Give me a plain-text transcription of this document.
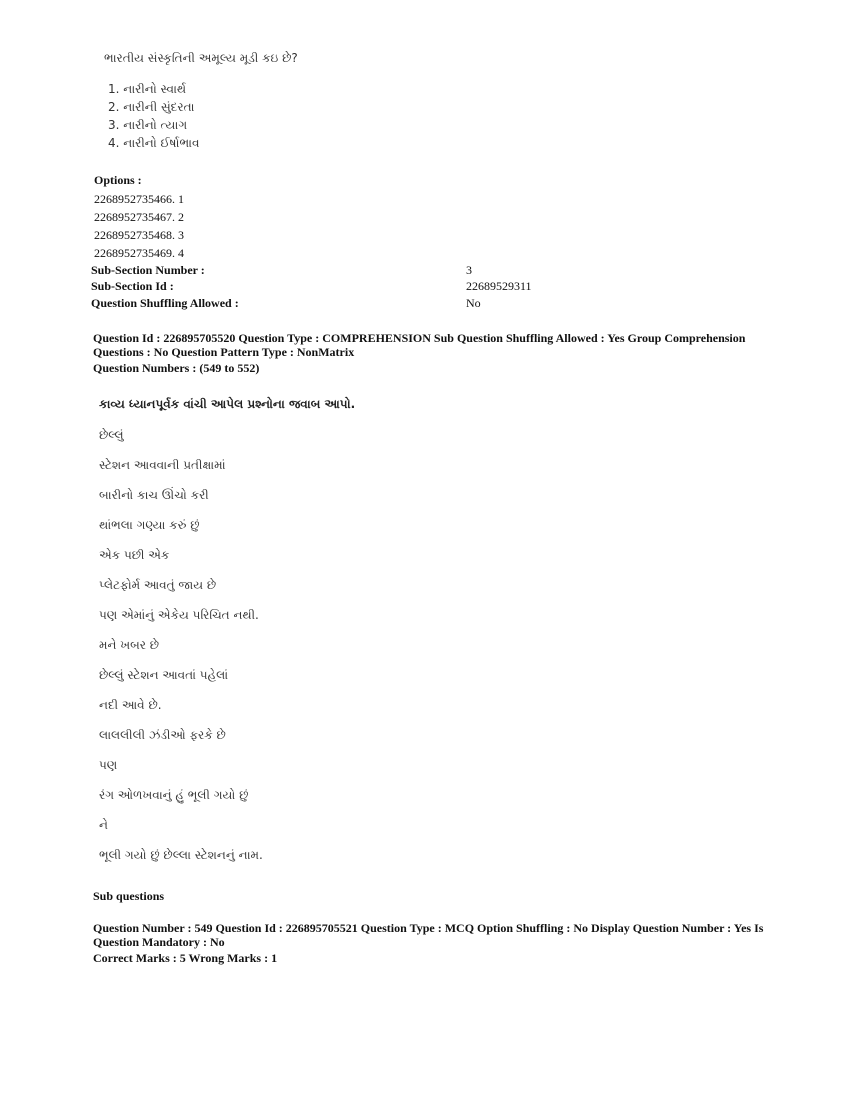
ભારતીય સંસ્કૃતિની અમૂલ્ય મૂડી કઇ છે?
1. નારીનો સ્વાર્થ
2. નારીની સુંદરતા
3. નારીનો ત્યાગ
4. નારીનો ઈર્ષાભાવ
Options :
2268952735466. 1
2268952735467. 2
2268952735468. 3
2268952735469. 4
Sub-Section Number :	3
Sub-Section Id :	22689529311
Question Shuffling Allowed :	No
Question Id : 226895705520 Question Type : COMPREHENSION Sub Question Shuffling Allowed : Yes Group Comprehension
Questions : No Question Pattern Type : NonMatrix
Question Numbers : (549 to 552)
કાવ્ય ધ્યાનપૂર્વક વાંચી આપેલ પ્રશ્નોના જવાબ આપો.
છેલ્લું
સ્ટેશન આવવાની પ્રતીક્ષામાં
બારીનો કાચ ઊંચો કરી
થાંભલા ગણ્યા કરું છું
એક પછી એક
પ્લેટફોર્મ આવતું જાય છે
પણ એમાંનું એકેય પરિચિત નથી.
મને ખબર છે
છેલ્લું સ્ટેશન આવતાં પહેલાં
નદી આવે છે.
લાલલીલી ઝંડીઓ ફરકે છે
પણ
રંગ ઓળખવાનું હું ભૂલી ગયો છું
ને
ભૂલી ગયો છું છેલ્લા સ્ટેશનનું નામ.
Sub questions
Question Number : 549 Question Id : 226895705521 Question Type : MCQ Option Shuffling : No Display Question Number : Yes Is
Question Mandatory : No
Correct Marks : 5 Wrong Marks : 1
